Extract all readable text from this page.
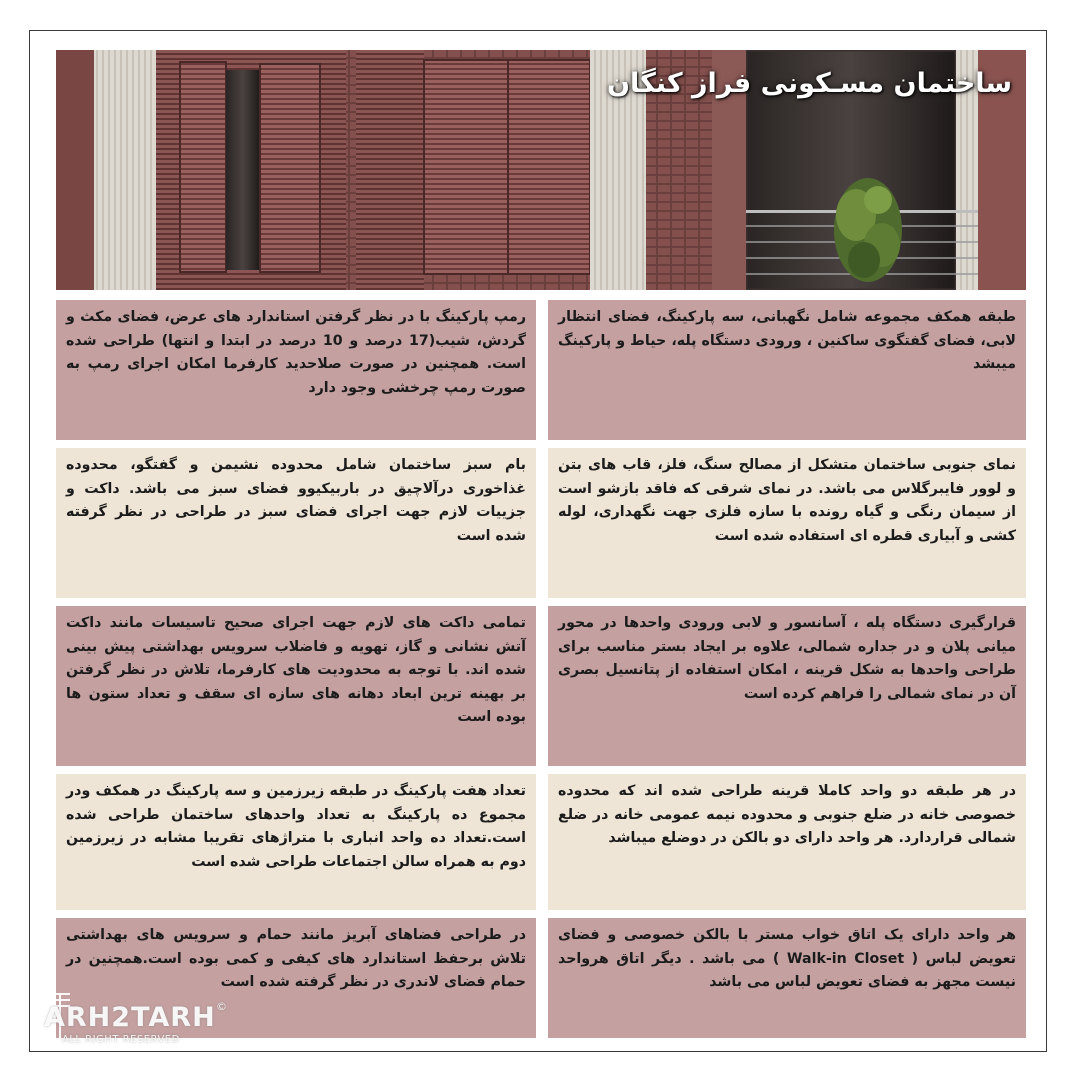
ساختمان مسـکونی فراز کنگان
طبقه همکف مجموعه شامل نگهبانی، سه پارکینگ، فضای انتظار لابی، فضای گفتگوی ساکنین ، ورودی دستگاه پله، حیاط و پارکینگ میبشد
رمپ پارکینگ با در نظر گرفتن استاندارد های عرض، فضای مکث و گردش، شیب(17 درصد و 10 درصد در ابتدا و انتها) طراحی شده است. همچنین در صورت صلاحدید کارفرما امکان اجرای رمپ به صورت رمپ چرخشی وجود دارد
نمای جنوبی ساختمان متشکل از مصالح سنگ، فلز، قاب های بتن و لوور فایبرگلاس می باشد. در نمای شرقی که فاقد بازشو است از سیمان رنگی و گیاه رونده با سازه فلزی جهت نگهداری، لوله کشی و آبیاری قطره ای استفاده شده است
بام سبز ساختمان شامل محدوده نشیمن و گفتگو، محدوده غذاخوری درآلاچیق در باربیکیوو فضای سبز می باشد. داکت و جزییات لازم جهت اجرای فضای سبز در طراحی در نظر گرفته شده است
قرارگیری دستگاه پله ، آسانسور و لابی ورودی واحدها در محور میانی پلان و در جداره شمالی، علاوه بر ایجاد بستر مناسب برای طراحی واحدها به شکل قرینه ، امکان استفاده از پتانسیل بصری آن در نمای شمالی را فراهم کرده است
تمامی داکت های لازم جهت اجرای صحیح تاسیسات مانند داکت آتش نشانی و گاز، تهویه و فاضلاب سرویس بهداشتی پیش بینی شده اند. با توجه به محدودیت های کارفرما، تلاش در نظر گرفتن بر بهینه ترین ابعاد دهانه های سازه ای سقف و تعداد ستون ها بوده است
در هر طبقه دو واحد کاملا قرینه طراحی شده اند که محدوده خصوصی خانه در ضلع جنوبی و محدوده نیمه عمومی خانه در ضلع شمالی قراردارد. هر واحد دارای دو بالکن در دوضلع میباشد
تعداد هفت پارکینگ در طبقه زیرزمین و سه پارکینگ در همکف ودر مجموع ده پارکینگ به تعداد واحدهای ساختمان طراحی شده است.تعداد ده واحد انباری با متراژهای تقریبا مشابه در زیرزمین دوم به همراه سالن اجتماعات طراحی شده است
هر واحد دارای یک اتاق خواب مستر با بالکن خصوصی و فضای تعویض لباس ( Walk-in Closet ) می باشد . دیگر اتاق هرواحد نیست مجهز به فضای تعویض لباس می باشد
در طراحی فضاهای آبریز مانند حمام و سرویس های بهداشتی تلاش برحفظ استاندارد های کیفی و کمی بوده است.همچنین در حمام فضای لاندری در نظر گرفته شده است
ARH2TARH ©
ALL RIGHT RESERVED
